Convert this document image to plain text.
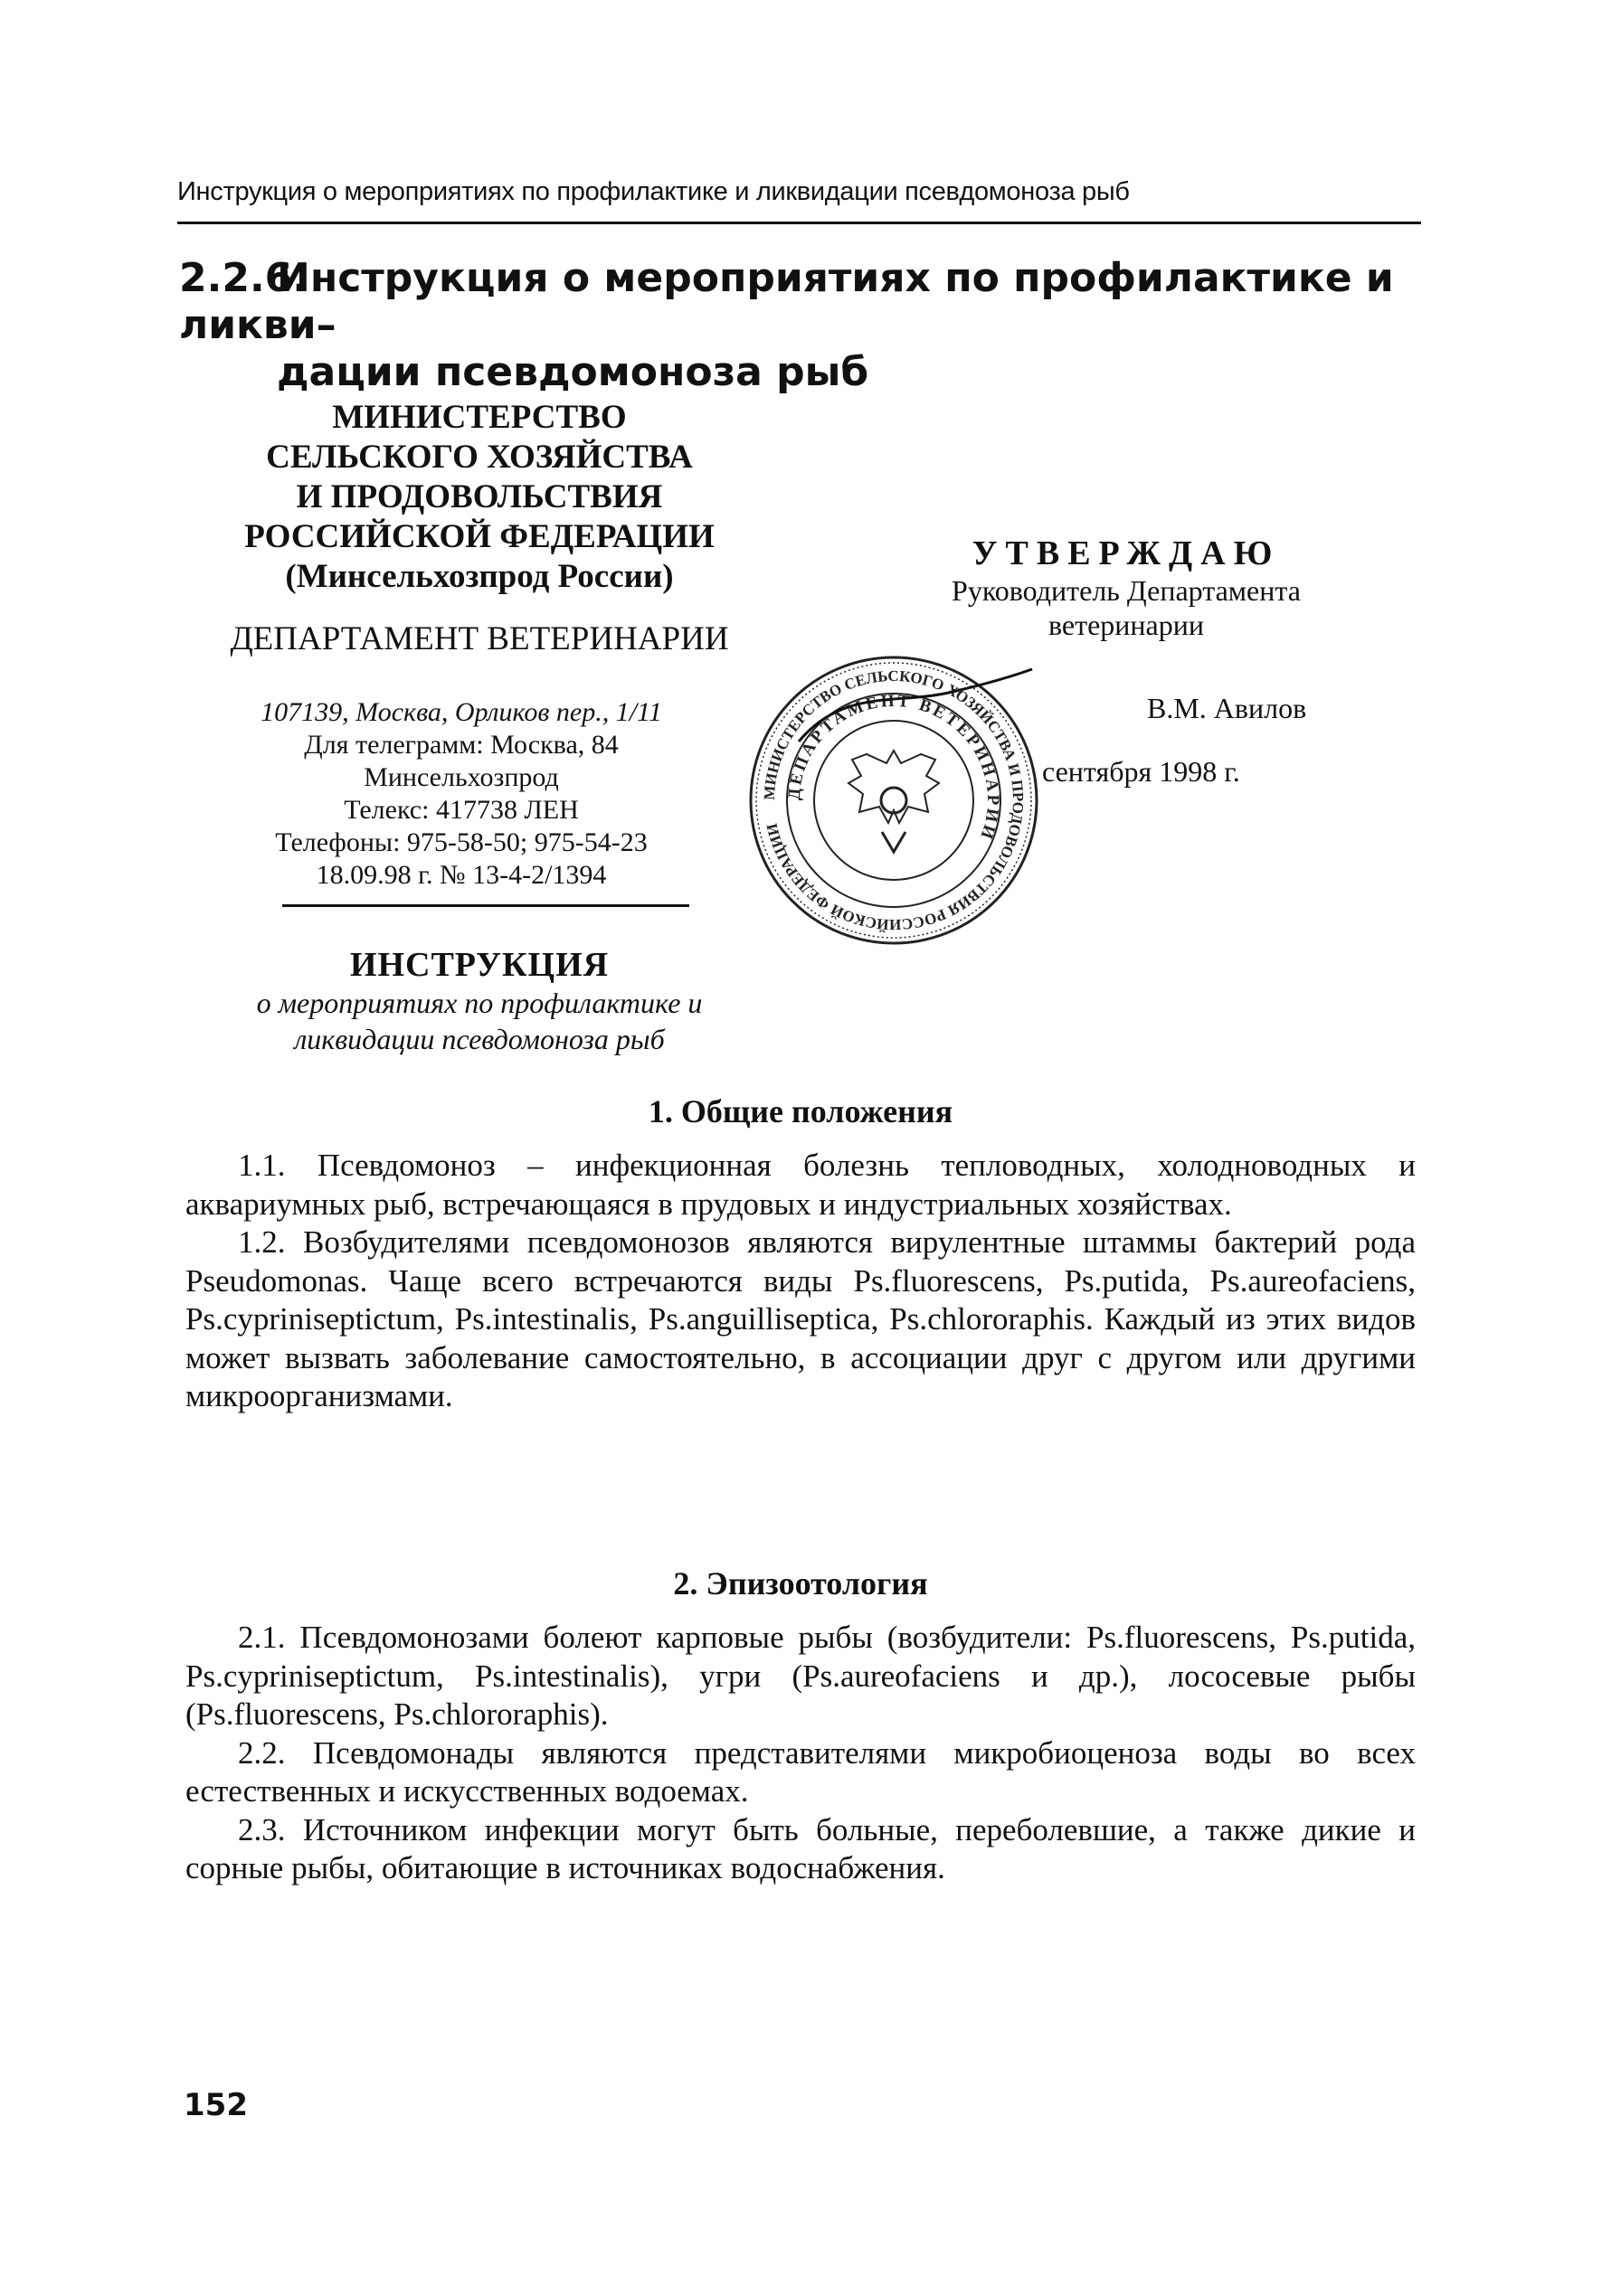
Инструкция о мероприятиях по профилактике и ликвидации псевдомоноза рыб
2.2.6.Инструкция о мероприятиях по профилактике и ликви–
дации псевдомоноза рыб
МИНИСТЕРСТВО
СЕЛЬСКОГО ХОЗЯЙСТВА
И ПРОДОВОЛЬСТВИЯ
РОССИЙСКОЙ ФЕДЕРАЦИИ
(Минсельхозпрод России)
ДЕПАРТАМЕНТ ВЕТЕРИНАРИИ
107139, Москва, Орликов пер., 1/11
Для телеграмм: Москва, 84
Минсельхозпрод
Телекс: 417738 ЛЕН
Телефоны: 975-58-50; 975-54-23
18.09.98 г. № 13-4-2/1394
УТВЕРЖДАЮ
Руководитель Департамента
ветеринарии
В.М. Авилов
сентября 1998 г.
МИНИСТЕРСТВО СЕЛЬСКОГО ХОЗЯЙСТВА И ПРОДОВОЛЬСТВИЯ РОССИЙСКОЙ ФЕДЕРАЦИИ
ДЕПАРТАМЕНТ ВЕТЕРИНАРИИ
ИНСТРУКЦИЯ
о мероприятиях по профилактике и
ликвидации псевдомоноза рыб
1. Общие положения

1.1. Псевдомоноз – инфекционная болезнь тепловодных, холодноводных и аквариумных рыб, встречающаяся в прудовых и индустриальных хозяйствах.

1.2. Возбудителями псевдомонозов являются вирулентные штаммы бактерий рода Pseudomonas. Чаще всего встречаются виды Ps.fluorescens, Ps.putida, Ps.aureofaciens, Ps.cypriniseptictum, Ps.intestinalis, Ps.anguilliseptica, Ps.chlororaphis. Каждый из этих видов может вызвать заболевание самостоятельно, в ассоциации друг с другом или другими микроорганизмами.

2. Эпизоотология

2.1. Псевдомонозами болеют карповые рыбы (возбудители: Ps.fluorescens, Ps.putida, Ps.cypriniseptictum, Ps.intestinalis), угри (Ps.aureofaciens и др.), лососевые рыбы (Ps.fluorescens, Ps.chlororaphis).

2.2. Псевдомонады являются представителями микробиоценоза воды во всех естественных и искусственных водоемах.

2.3. Источником инфекции могут быть больные, переболевшие, а также дикие и сорные рыбы, обитающие в источниках водоснабжения.

152
